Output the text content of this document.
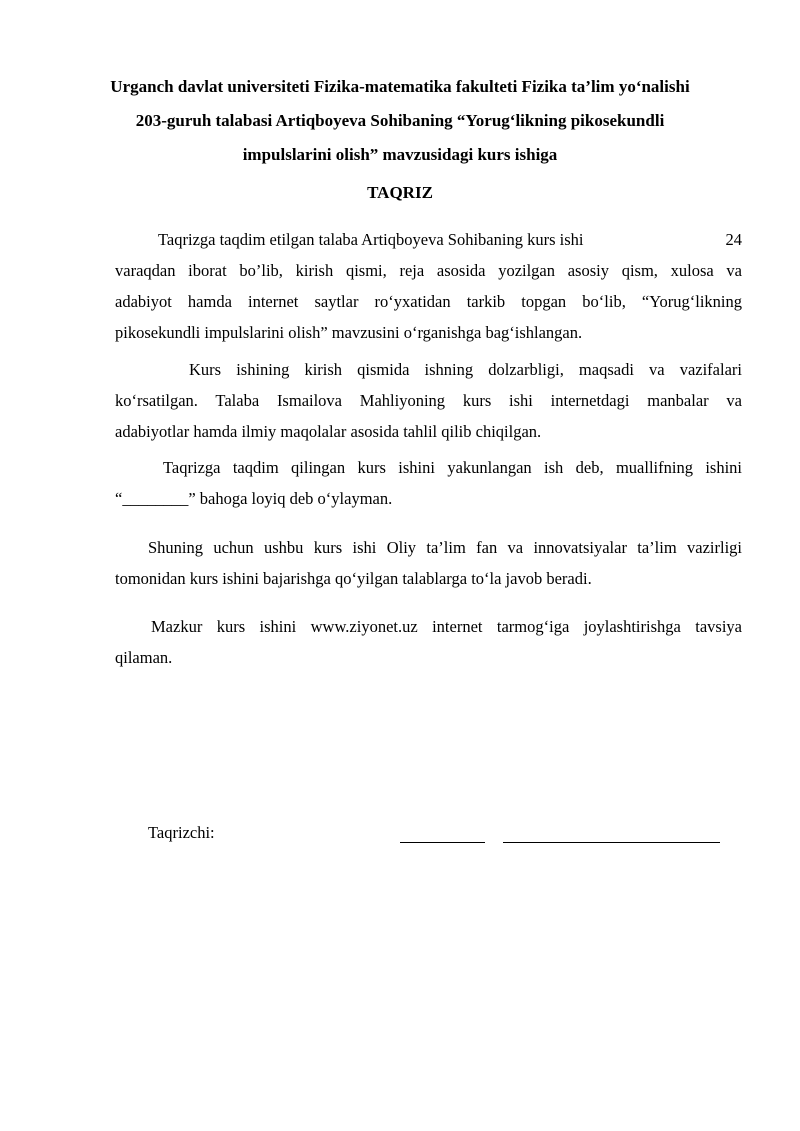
Urganch davlat universiteti Fizika-matematika fakulteti Fizika ta’lim yo‘nalishi
203-guruh talabasi Artiqboyeva Sohibaning “Yorug‘likning pikosekundli
impulslarini olish” mavzusidagi kurs ishiga
TAQRIZ
Taqrizga taqdim etilgan talaba Artiqboyeva Sohibaning kurs ishi	24
varaqdan iborat bo’lib, kirish qismi, reja asosida yozilgan asosiy qism, xulosa va
adabiyot hamda internet saytlar ro‘yxatidan tarkib topgan bo‘lib, “Yorug‘likning
pikosekundli impulslarini olish” mavzusini o‘rganishga bag‘ishlangan.
Kurs ishining kirish qismida ishning dolzarbligi, maqsadi va vazifalari
ko‘rsatilgan. Talaba Ismailova Mahliyoning kurs ishi internetdagi manbalar va
adabiyotlar hamda ilmiy maqolalar asosida tahlil qilib chiqilgan.
Taqrizga taqdim qilingan kurs ishini yakunlangan ish deb, muallifning ishini
“________” bahoga loyiq deb o‘ylayman.
Shuning uchun ushbu kurs ishi Oliy ta’lim fan va innovatsiyalar ta’lim vazirligi
tomonidan kurs ishini bajarishga qo‘yilgan talablarga to‘la javob beradi.
Mazkur kurs ishini www.ziyonet.uz internet tarmog‘iga joylashtirishga tavsiya
qilaman.
Taqrizchi:
